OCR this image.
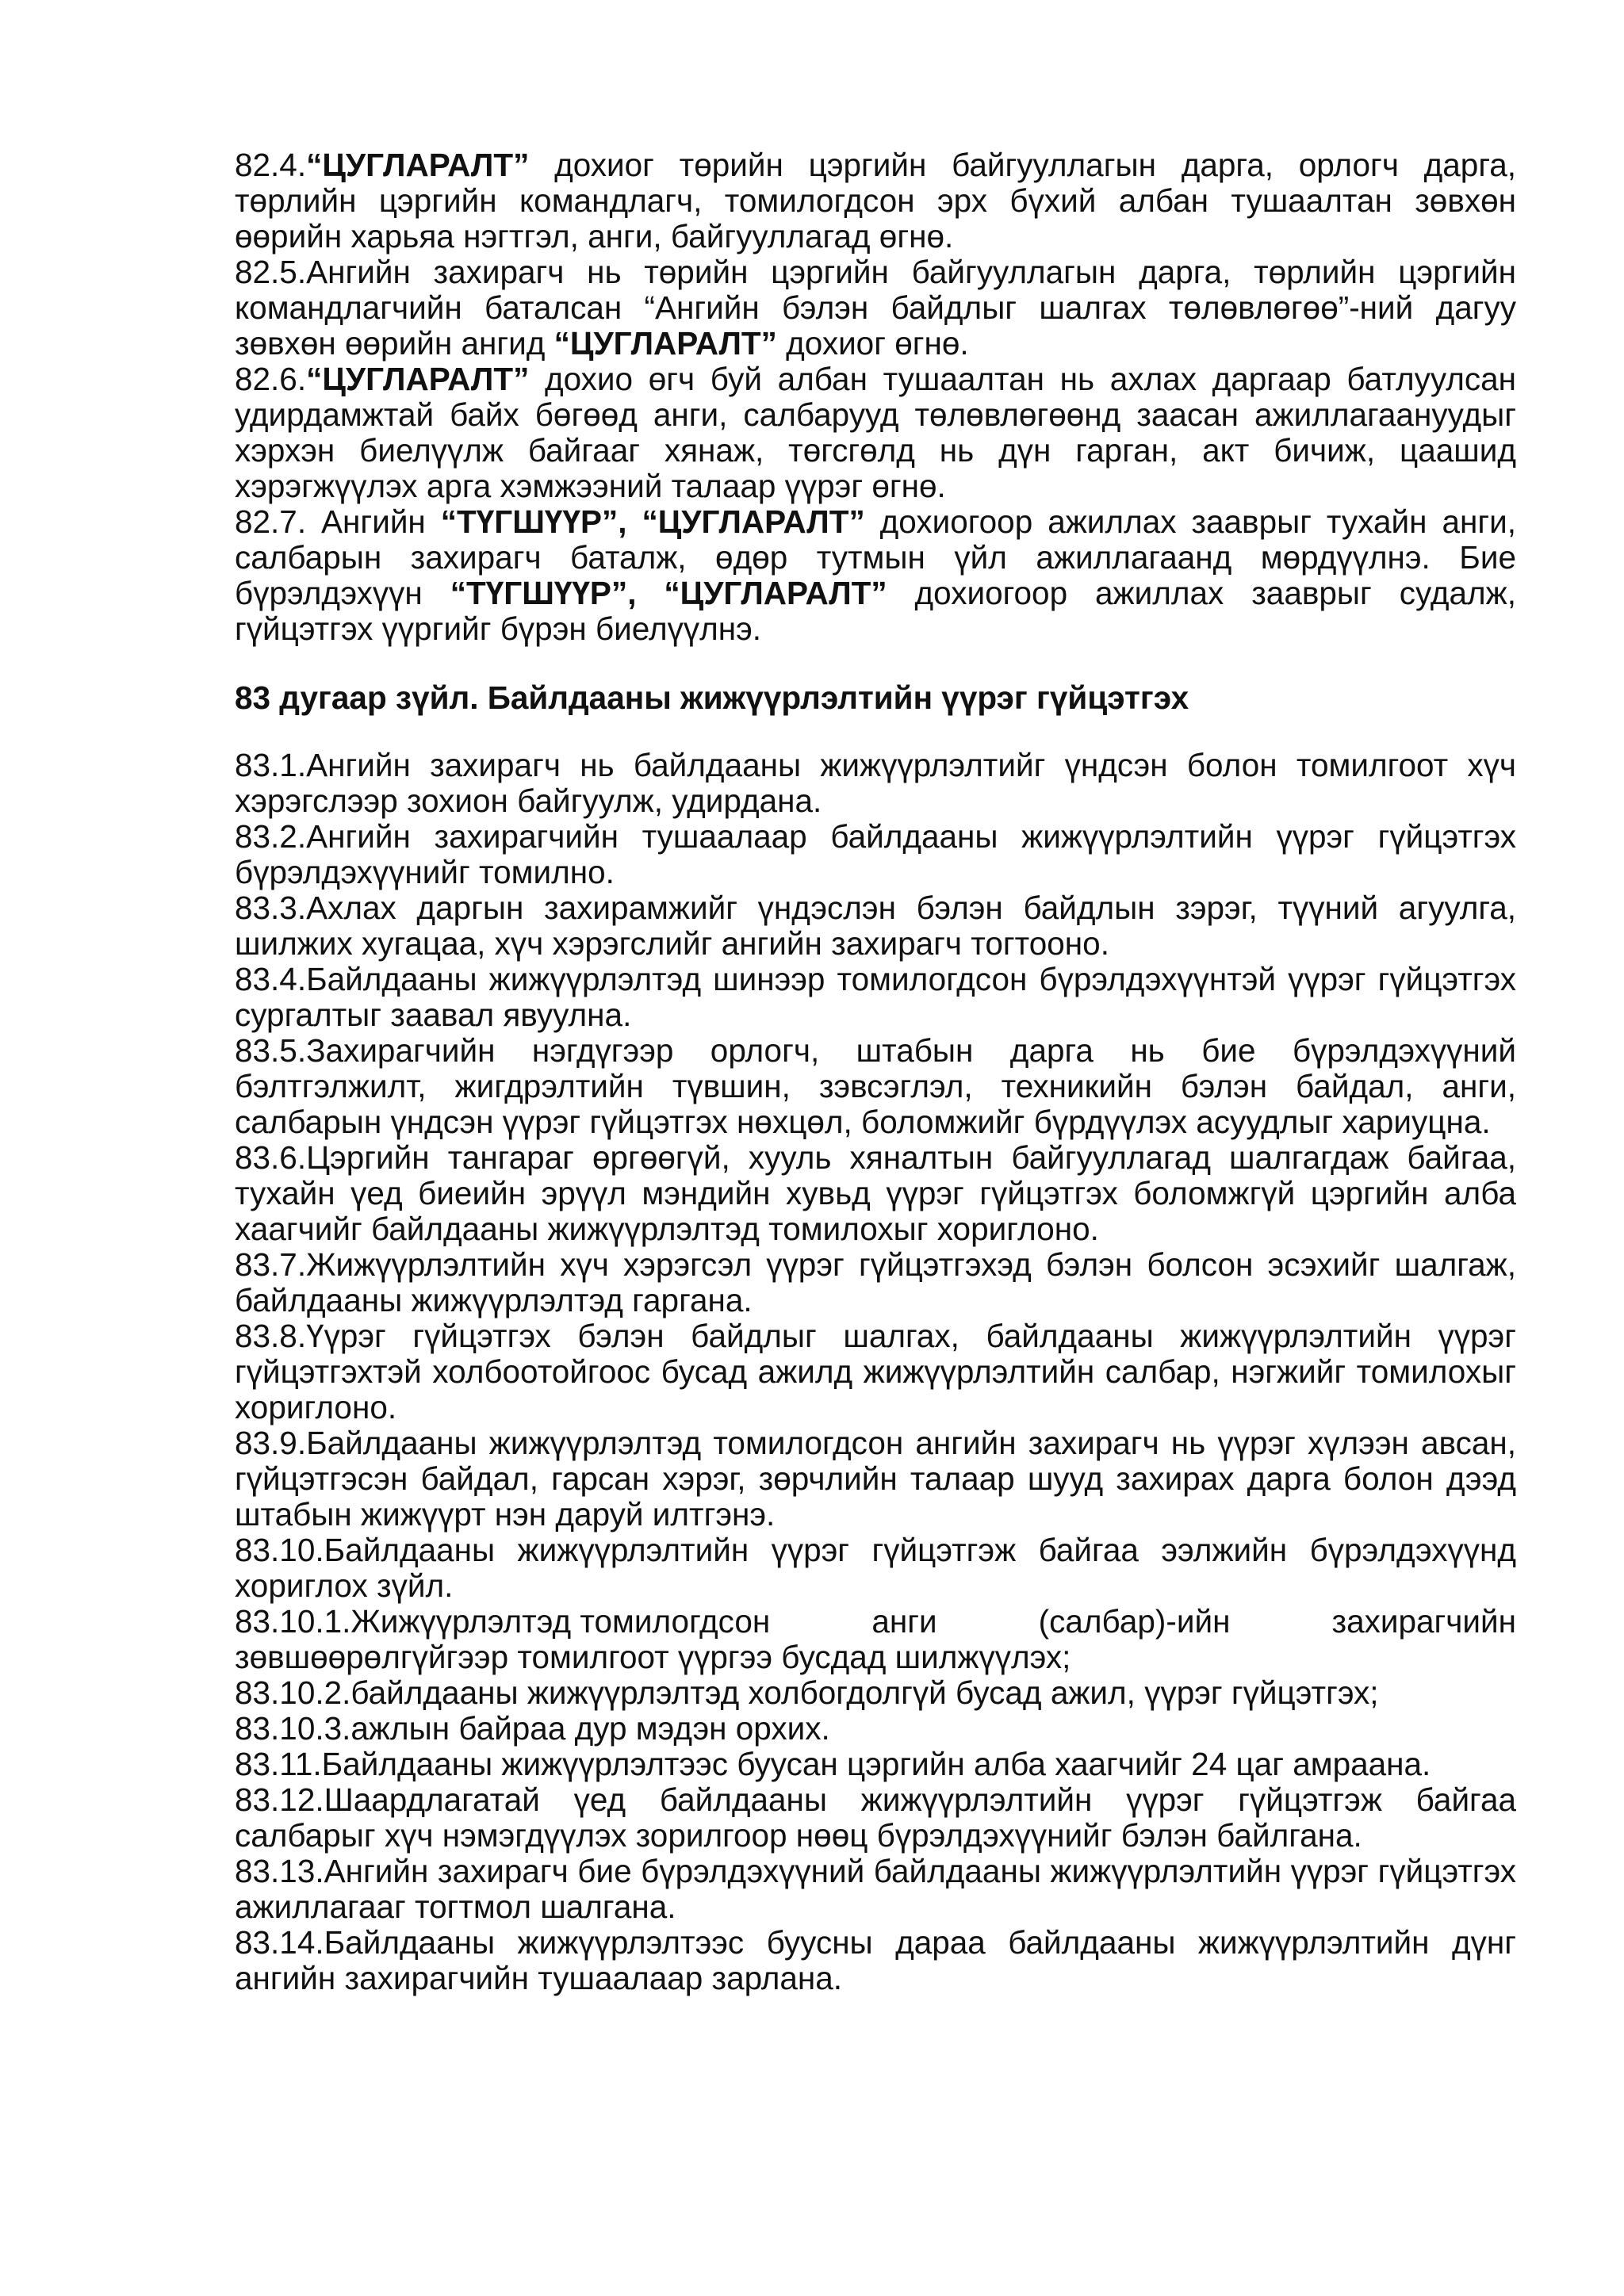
82.4.“ЦУГЛАРАЛТ” дохиог төрийн цэргийн байгууллагын дарга, орлогч дарга, төрлийн цэргийн командлагч, томилогдсон эрх бүхий албан тушаалтан зөвхөн өөрийн харьяа нэгтгэл, анги, байгууллагад өгнө.

82.5.Ангийн захирагч нь төрийн цэргийн байгууллагын дарга, төрлийн цэргийн командлагчийн баталсан “Ангийн бэлэн байдлыг шалгах төлөвлөгөө”-ний дагуу зөвхөн өөрийн ангид “ЦУГЛАРАЛТ” дохиог өгнө.

82.6.“ЦУГЛАРАЛТ” дохио өгч буй албан тушаалтан нь ахлах даргаар батлуулсан удирдамжтай байх бөгөөд анги, салбарууд төлөвлөгөөнд заасан ажиллагаануудыг хэрхэн биелүүлж байгааг хянаж, төгсгөлд нь дүн гарган, акт бичиж, цаашид хэрэгжүүлэх арга хэмжээний талаар үүрэг өгнө.

82.7. Ангийн “ТҮГШҮҮР”, “ЦУГЛАРАЛТ” дохиогоор ажиллах зааврыг тухайн анги, салбарын захирагч баталж, өдөр тутмын үйл ажиллагаанд мөрдүүлнэ. Бие бүрэлдэхүүн “ТҮГШҮҮР”, “ЦУГЛАРАЛТ” дохиогоор ажиллах зааврыг судалж, гүйцэтгэх үүргийг бүрэн биелүүлнэ.

83 дугаар зүйл. Байлдааны жижүүрлэлтийн үүрэг гүйцэтгэх

83.1.Ангийн захирагч нь байлдааны жижүүрлэлтийг үндсэн болон томилгоот хүч хэрэгслээр зохион байгуулж, удирдана.

83.2.Ангийн захирагчийн тушаалаар байлдааны жижүүрлэлтийн үүрэг гүйцэтгэх бүрэлдэхүүнийг томилно.

83.3.Ахлах даргын захирамжийг үндэслэн бэлэн байдлын зэрэг, түүний агуулга, шилжих хугацаа, хүч хэрэгслийг ангийн захирагч тогтооно.

83.4.Байлдааны жижүүрлэлтэд шинээр томилогдсон бүрэлдэхүүнтэй үүрэг гүйцэтгэх сургалтыг заавал явуулна.

83.5.Захирагчийн нэгдүгээр орлогч, штабын дарга нь бие бүрэлдэхүүний бэлтгэлжилт, жигдрэлтийн түвшин, зэвсэглэл, техникийн бэлэн байдал, анги, салбарын үндсэн үүрэг гүйцэтгэх нөхцөл, боломжийг бүрдүүлэх асуудлыг хариуцна.

83.6.Цэргийн тангараг өргөөгүй, хууль хяналтын байгууллагад шалгагдаж байгаа, тухайн үед биеийн эрүүл мэндийн хувьд үүрэг гүйцэтгэх боломжгүй цэргийн алба хаагчийг байлдааны жижүүрлэлтэд томилохыг хориглоно.

83.7.Жижүүрлэлтийн хүч хэрэгсэл үүрэг гүйцэтгэхэд бэлэн болсон эсэхийг шалгаж, байлдааны жижүүрлэлтэд гаргана.

83.8.Үүрэг гүйцэтгэх бэлэн байдлыг шалгах, байлдааны жижүүрлэлтийн үүрэг гүйцэтгэхтэй холбоотойгоос бусад ажилд жижүүрлэлтийн салбар, нэгжийг томилохыг хориглоно.

83.9.Байлдааны жижүүрлэлтэд томилогдсон ангийн захирагч нь үүрэг хүлээн авсан, гүйцэтгэсэн байдал, гарсан хэрэг, зөрчлийн талаар шууд захирах дарга болон дээд штабын жижүүрт нэн даруй илтгэнэ.

83.10.Байлдааны жижүүрлэлтийн үүрэг гүйцэтгэж байгаа ээлжийн бүрэлдэхүүнд хориглох зүйл.

83.10.1.Жижүүрлэлтэд томилогдсон	анги	(салбар)-ийн	захирагчийн
зөвшөөрөлгүйгээр томилгоот үүргээ бусдад шилжүүлэх;

83.10.2.байлдааны жижүүрлэлтэд холбогдолгүй бусад ажил, үүрэг гүйцэтгэх;

83.10.3.ажлын байраа дур мэдэн орхих.

83.11.Байлдааны жижүүрлэлтээс буусан цэргийн алба хаагчийг 24 цаг амраана.

83.12.Шаардлагатай үед байлдааны жижүүрлэлтийн үүрэг гүйцэтгэж байгаа салбарыг хүч нэмэгдүүлэх зорилгоор нөөц бүрэлдэхүүнийг бэлэн байлгана.

83.13.Ангийн захирагч бие бүрэлдэхүүний байлдааны жижүүрлэлтийн үүрэг гүйцэтгэх ажиллагааг тогтмол шалгана.

83.14.Байлдааны жижүүрлэлтээс буусны дараа байлдааны жижүүрлэлтийн дүнг ангийн захирагчийн тушаалаар зарлана.
